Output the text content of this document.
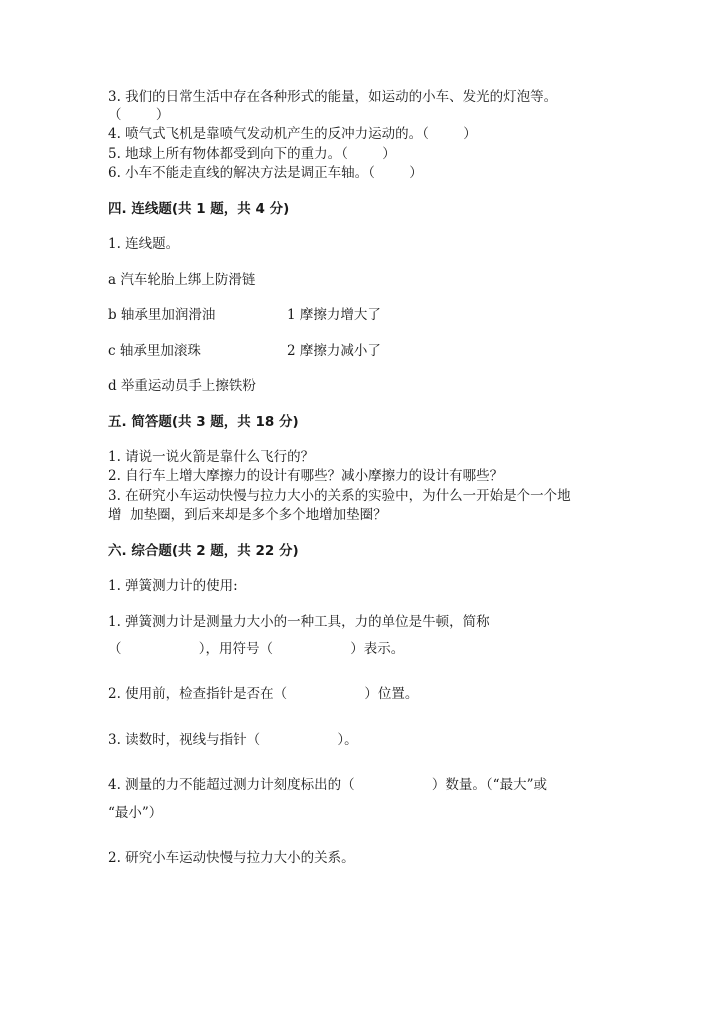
3. 我们的日常生活中存在各种形式的能量，如运动的小车、发光的灯泡等。
（        ）
4. 喷气式飞机是靠喷气发动机产生的反冲力运动的。（        ）
5. 地球上所有物体都受到向下的重力。（        ）
6. 小车不能走直线的解决方法是调正车轴。（        ）
四. 连线题(共 1 题，共 4 分)
1. 连线题。
a 汽车轮胎上绑上防滑链
b 轴承里加润滑油	1 摩擦力增大了
c 轴承里加滚珠	2 摩擦力减小了
d 举重运动员手上擦铁粉
五. 简答题(共 3 题，共 18 分)
1. 请说一说火箭是靠什么飞行的？
2. 自行车上增大摩擦力的设计有哪些？减小摩擦力的设计有哪些？
3. 在研究小车运动快慢与拉力大小的关系的实验中，为什么一开始是个一个地
增  加垫圈，到后来却是多个多个地增加垫圈？
六. 综合题(共 2 题，共 22 分)
1. 弹簧测力计的使用:
1. 弹簧测力计是测量力大小的一种工具，力的单位是牛顿，简称
（                  ），用符号（                  ）表示。
2. 使用前，检查指针是否在（                  ）位置。
3. 读数时，视线与指针（                  ）。
4. 测量的力不能超过测力计刻度标出的（                  ）数量。（“最大”或
“最小”）
2. 研究小车运动快慢与拉力大小的关系。
